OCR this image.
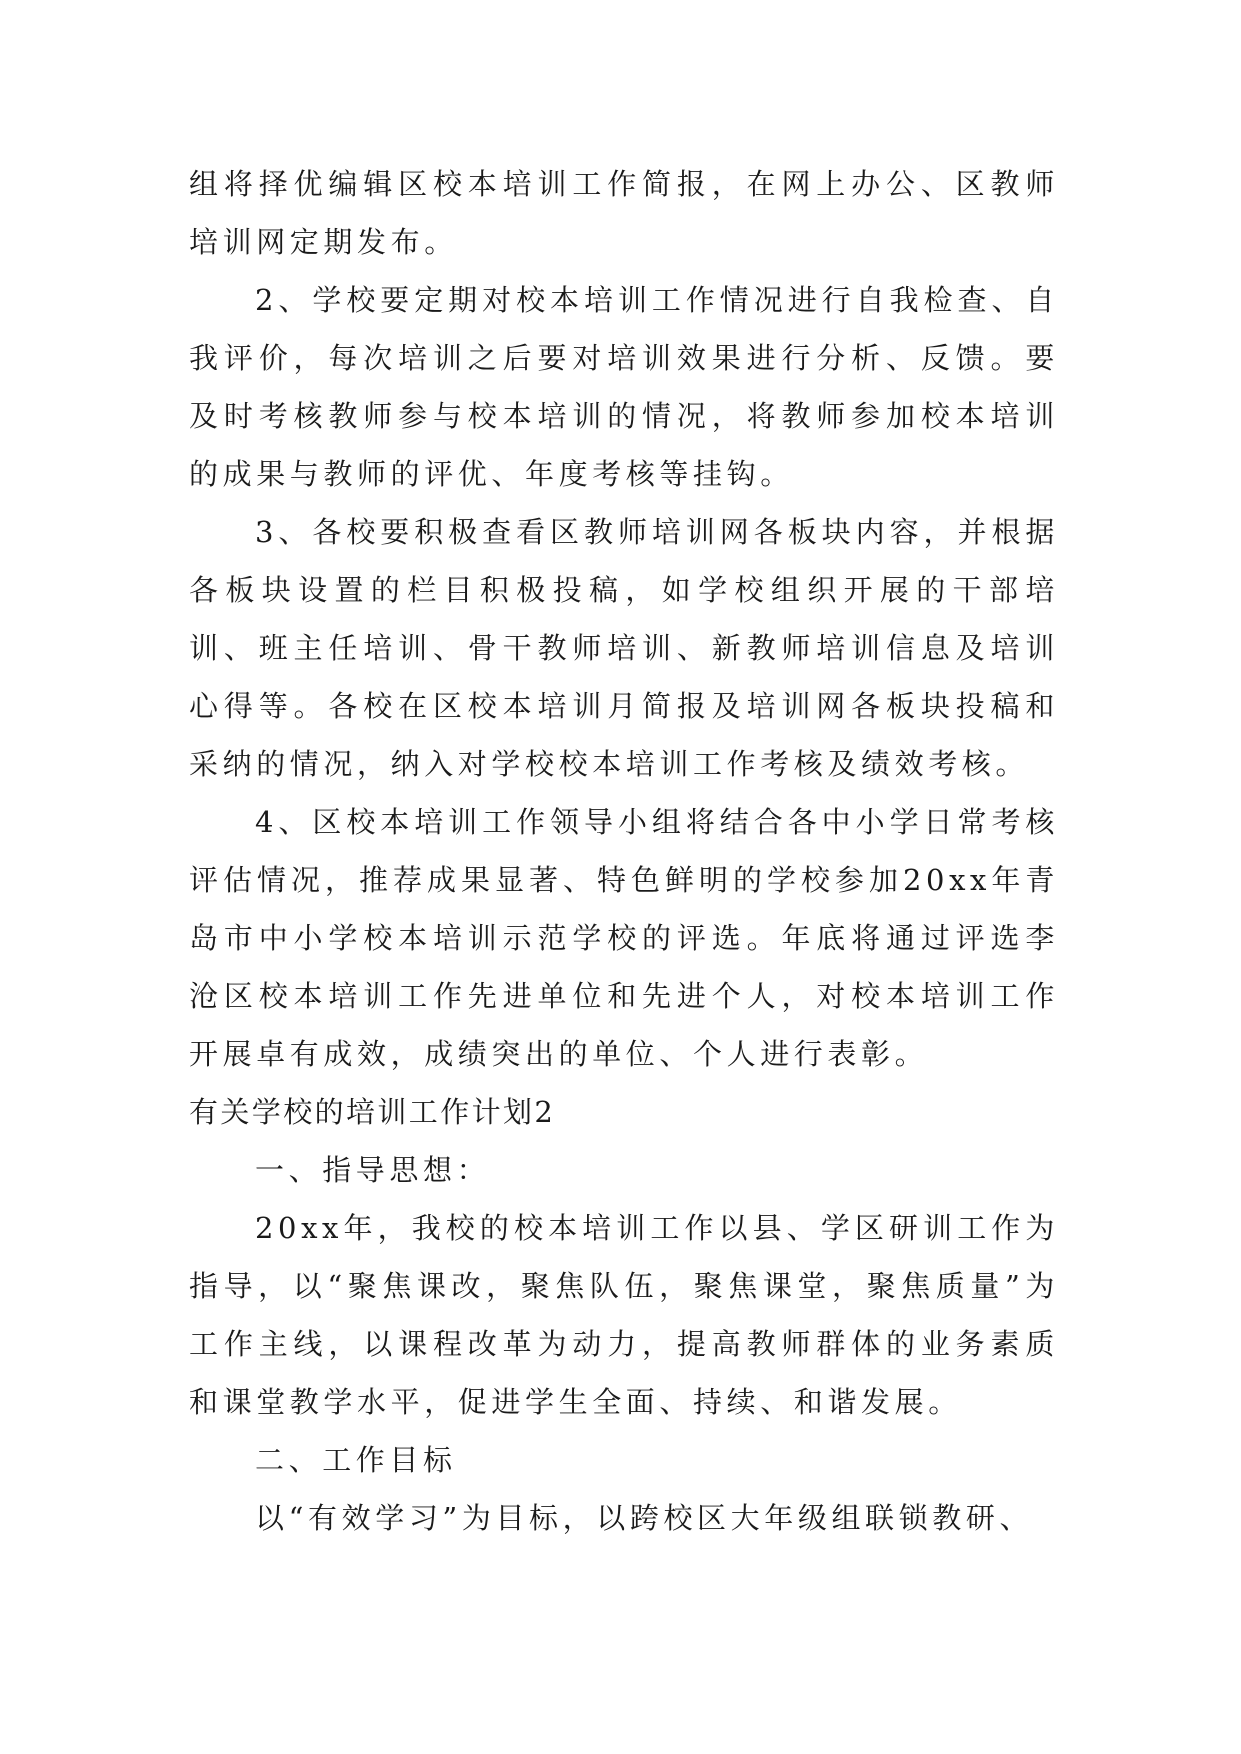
组将择优编辑区校本培训工作简报，在网上办公、区教师培训网定期发布。

2、学校要定期对校本培训工作情况进行自我检查、自我评价，每次培训之后要对培训效果进行分析、反馈。要及时考核教师参与校本培训的情况，将教师参加校本培训的成果与教师的评优、年度考核等挂钩。

3、各校要积极查看区教师培训网各板块内容，并根据各板块设置的栏目积极投稿，如学校组织开展的干部培训、班主任培训、骨干教师培训、新教师培训信息及培训心得等。各校在区校本培训月简报及培训网各板块投稿和采纳的情况，纳入对学校校本培训工作考核及绩效考核。

4、区校本培训工作领导小组将结合各中小学日常考核评估情况，推荐成果显著、特色鲜明的学校参加20xx年青岛市中小学校本培训示范学校的评选。年底将通过评选李沧区校本培训工作先进单位和先进个人，对校本培训工作开展卓有成效，成绩突出的单位、个人进行表彰。

有关学校的培训工作计划2

一、指导思想：

20xx年，我校的校本培训工作以县、学区研训工作为指导，以“聚焦课改，聚焦队伍，聚焦课堂，聚焦质量”为工作主线，以课程改革为动力，提高教师群体的业务素质和课堂教学水平，促进学生全面、持续、和谐发展。

二、工作目标

以“有效学习”为目标，以跨校区大年级组联锁教研、
